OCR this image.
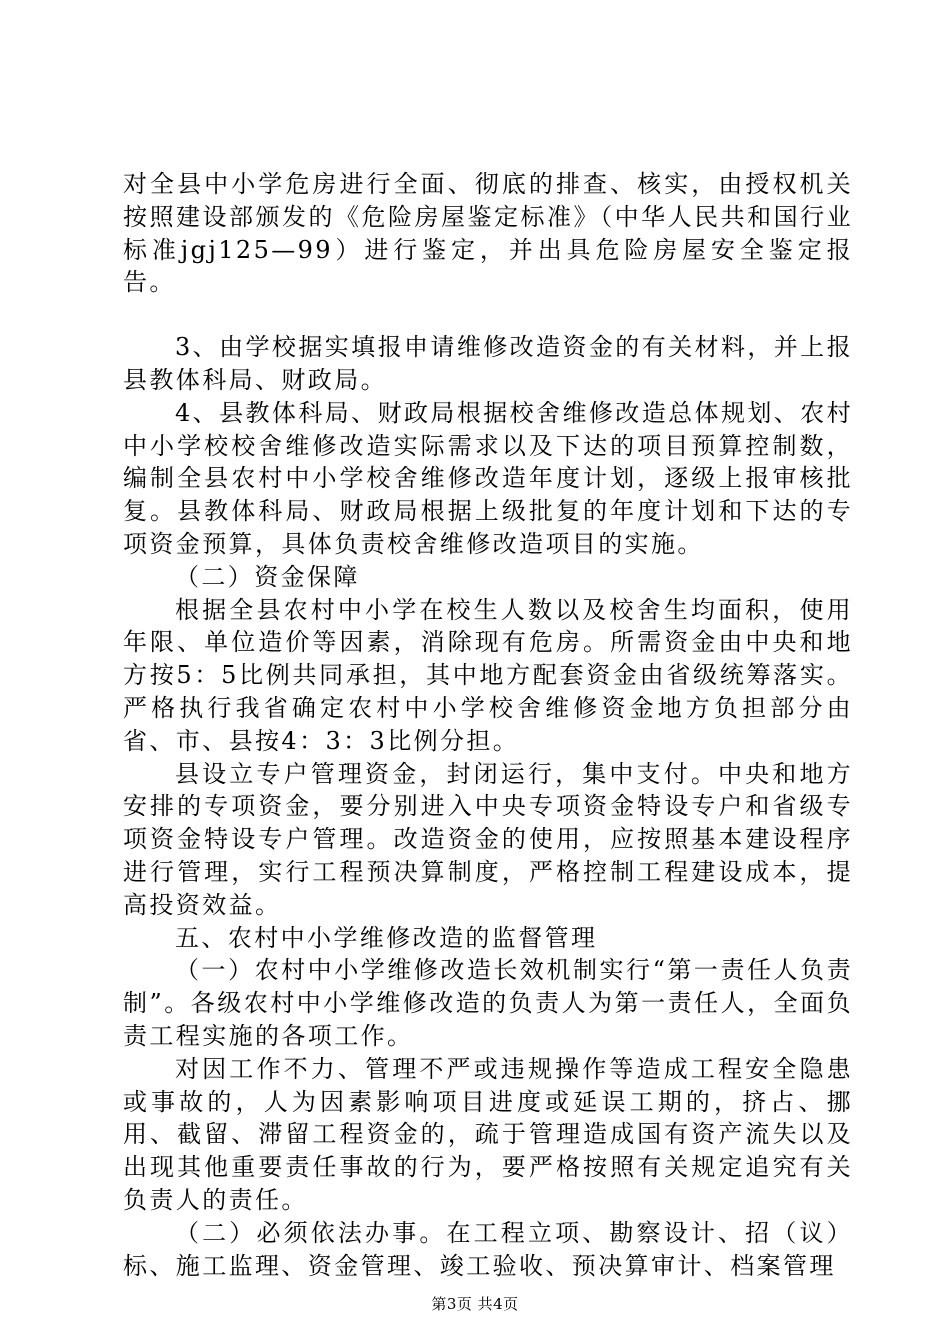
对全县中小学危房进行全面、彻底的排查、核实，由授权机关按照建设部颁发的《危险房屋鉴定标准》（中华人民共和国行业标准jgj125—99）进行鉴定，并出具危险房屋安全鉴定报告。

3、由学校据实填报申请维修改造资金的有关材料，并上报县教体科局、财政局。

4、县教体科局、财政局根据校舍维修改造总体规划、农村中小学校校舍维修改造实际需求以及下达的项目预算控制数，编制全县农村中小学校舍维修改造年度计划，逐级上报审核批复。县教体科局、财政局根据上级批复的年度计划和下达的专项资金预算，具体负责校舍维修改造项目的实施。

（二）资金保障

根据全县农村中小学在校生人数以及校舍生均面积，使用年限、单位造价等因素，消除现有危房。所需资金由中央和地方按5：5比例共同承担，其中地方配套资金由省级统筹落实。严格执行我省确定农村中小学校舍维修资金地方负担部分由省、市、县按4：3：3比例分担。

县设立专户管理资金，封闭运行，集中支付。中央和地方安排的专项资金，要分别进入中央专项资金特设专户和省级专项资金特设专户管理。改造资金的使用，应按照基本建设程序进行管理，实行工程预决算制度，严格控制工程建设成本，提高投资效益。

五、农村中小学维修改造的监督管理

（一）农村中小学维修改造长效机制实行“第一责任人负责制”。各级农村中小学维修改造的负责人为第一责任人，全面负责工程实施的各项工作。

对因工作不力、管理不严或违规操作等造成工程安全隐患或事故的，人为因素影响项目进度或延误工期的，挤占、挪用、截留、滞留工程资金的，疏于管理造成国有资产流失以及出现其他重要责任事故的行为，要严格按照有关规定追究有关负责人的责任。

（二）必须依法办事。在工程立项、勘察设计、招（议）标、施工监理、资金管理、竣工验收、预决算审计、档案管理

第3页 共4页
